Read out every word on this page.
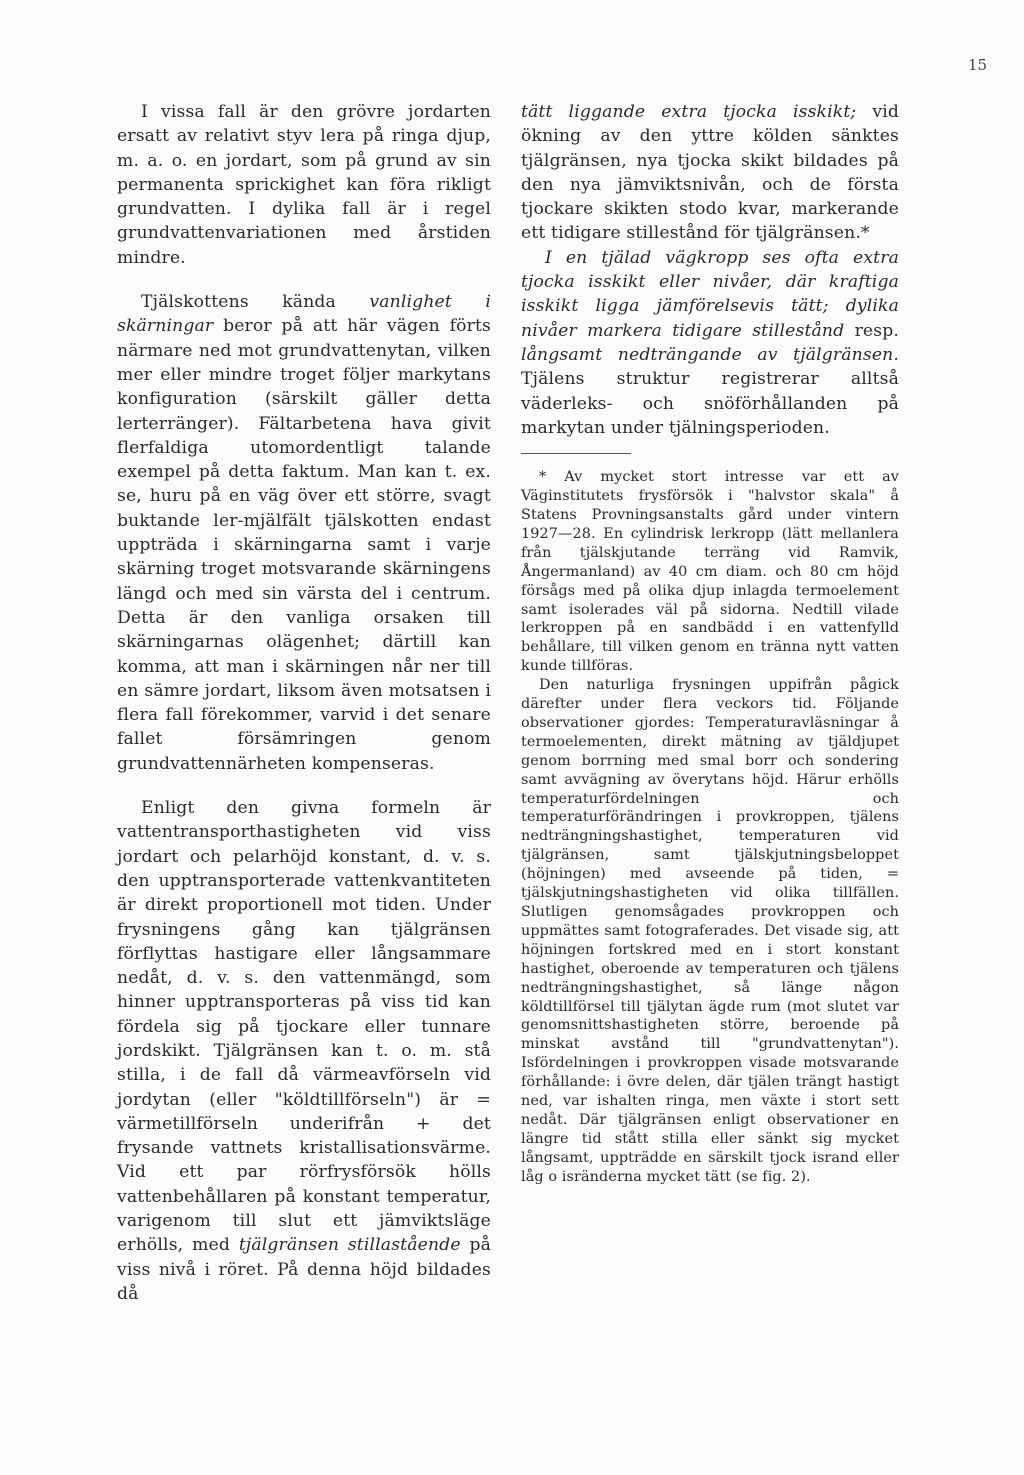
15

I vissa fall är den grövre jordarten ersatt av relativt styv lera på ringa djup, m. a. o. en jordart, som på grund av sin permanenta sprickighet kan föra rikligt grundvatten. I dylika fall är i regel grundvattenvariationen med årstiden mindre.

Tjälskottens kända vanlighet i skärningar beror på att här vägen förts närmare ned mot grundvattenytan, vilken mer eller mindre troget följer markytans konfiguration (särskilt gäller detta lerterränger). Fältarbetena hava givit flerfaldiga utomordentligt talande exempel på detta faktum. Man kan t. ex. se, huru på en väg över ett större, svagt buktande ler-mjälfält tjälskotten endast uppträda i skärningarna samt i varje skärning troget motsvarande skärningens längd och med sin värsta del i centrum. Detta är den vanliga orsaken till skärningarnas olägenhet; därtill kan komma, att man i skärningen når ner till en sämre jordart, liksom även motsatsen i flera fall förekommer, varvid i det senare fallet försämringen genom grundvattennärheten kompenseras.

Enligt den givna formeln är vattentransporthastigheten vid viss jordart och pelarhöjd konstant, d. v. s. den upptransporterade vattenkvantiteten är direkt proportionell mot tiden. Under frysningens gång kan tjälgränsen förflyttas hastigare eller långsammare nedåt, d. v. s. den vattenmängd, som hinner upptransporteras på viss tid kan fördela sig på tjockare eller tunnare jordskikt. Tjälgränsen kan t. o. m. stå stilla, i de fall då värmeavförseln vid jordytan (eller "köldtillförseln") är = värmetillförseln underifrån + det frysande vattnets kristallisationsvärme. Vid ett par rörfrysförsök hölls vattenbehållaren på konstant temperatur, varigenom till slut ett jämviktsläge erhölls, med tjälgränsen stillastående på viss nivå i röret. På denna höjd bildades då

tätt liggande extra tjocka isskikt; vid ökning av den yttre kölden sänktes tjälgränsen, nya tjocka skikt bildades på den nya jämviktsnivån, och de första tjockare skikten stodo kvar, markerande ett tidigare stillestånd för tjälgränsen.*

I en tjälad vägkropp ses ofta extra tjocka isskikt eller nivåer, där kraftiga isskikt ligga jämförelsevis tätt; dylika nivåer markera tidigare stillestånd resp. långsamt nedträngande av tjälgränsen. Tjälens struktur registrerar alltså väderleks- och snöförhållanden på markytan under tjälningsperioden.

* Av mycket stort intresse var ett av Väginstitutets frysförsök i "halvstor skala" å Statens Provningsanstalts gård under vintern 1927—28. En cylindrisk lerkropp (lätt mellanlera från tjälskjutande terräng vid Ramvik, Ångermanland) av 40 cm diam. och 80 cm höjd försågs med på olika djup inlagda termoelement samt isolerades väl på sidorna. Nedtill vilade lerkroppen på en sandbädd i en vattenfylld behållare, till vilken genom en tränna nytt vatten kunde tillföras.

Den naturliga frysningen uppifrån pågick därefter under flera veckors tid. Följande observationer gjordes: Temperaturavläsningar å termoelementen, direkt mätning av tjäldjupet genom borrning med smal borr och sondering samt avvägning av överytans höjd. Härur erhölls temperaturfördelningen och temperaturförändringen i provkroppen, tjälens nedträngningshastighet, temperaturen vid tjälgränsen, samt tjälskjutningsbeloppet (höjningen) med avseende på tiden, = tjälskjutningshastigheten vid olika tillfällen. Slutligen genomsågades provkroppen och uppmättes samt fotograferades. Det visade sig, att höjningen fortskred med en i stort konstant hastighet, oberoende av temperaturen och tjälens nedträngningshastighet, så länge någon köldtillförsel till tjälytan ägde rum (mot slutet var genomsnittshastigheten större, beroende på minskat avstånd till "grundvattenytan"). Isfördelningen i provkroppen visade motsvarande förhållande: i övre delen, där tjälen trängt hastigt ned, var ishalten ringa, men växte i stort sett nedåt. Där tjälgränsen enligt observationer en längre tid stått stilla eller sänkt sig mycket långsamt, uppträdde en särskilt tjock isrand eller låg o isränderna mycket tätt (se fig. 2).
